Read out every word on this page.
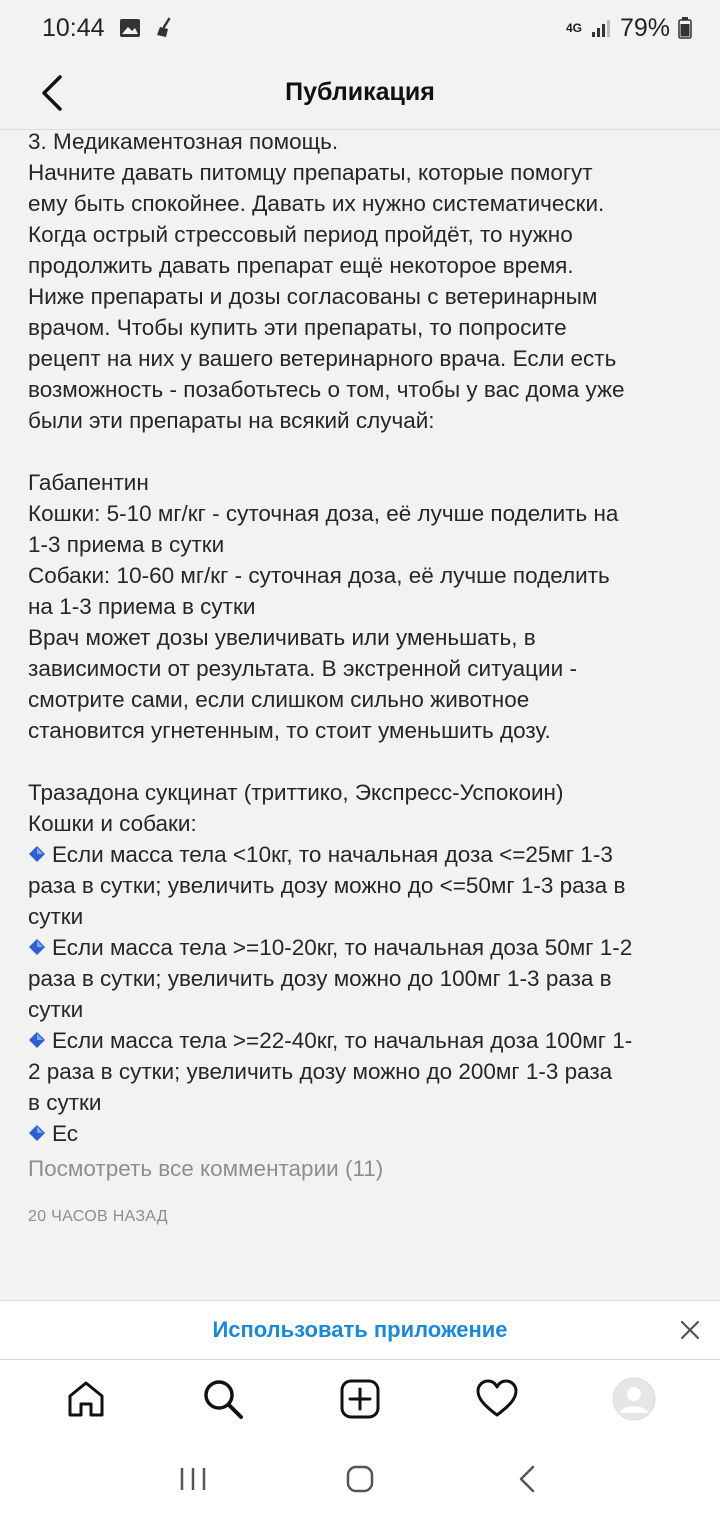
10:44	4G 79%
Публикация
3. Медикаментозная помощь.
Начните давать питомцу препараты, которые помогут
ему быть спокойнее. Давать их нужно систематически.
Когда острый стрессовый период пройдёт, то нужно
продолжить давать препарат ещё некоторое время.
Ниже препараты и дозы согласованы с ветеринарным
врачом. Чтобы купить эти препараты, то попросите
рецепт на них у вашего ветеринарного врача. Если есть
возможность - позаботьтесь о том, чтобы у вас дома уже
были эти препараты на всякий случай:
Габапентин
Кошки: 5-10 мг/кг - суточная доза, её лучше поделить на
1-3 приема в сутки
Собаки: 10-60 мг/кг - суточная доза, её лучше поделить
на 1-3 приема в сутки
Врач может дозы увеличивать или уменьшать, в
зависимости от результата. В экстренной ситуации -
смотрите сами, если слишком сильно животное
становится угнетенным, то стоит уменьшить дозу.
Тразадона сукцинат (триттико, Экспресс-Успокоин)
Кошки и собаки:
Если масса тела <10кг, то начальная доза <=25мг 1-3
раза в сутки; увеличить дозу можно до <=50мг 1-3 раза в
сутки
Если масса тела >=10-20кг, то начальная доза 50мг 1-2
раза в сутки; увеличить дозу можно до 100мг 1-3 раза в
сутки
Если масса тела >=22-40кг, то начальная доза 100мг 1-
2 раза в сутки; увеличить дозу можно до 200мг 1-3 раза
в сутки
Ес
Посмотреть все комментарии (11)
20 ЧАСОВ НАЗАД
Использовать приложение
